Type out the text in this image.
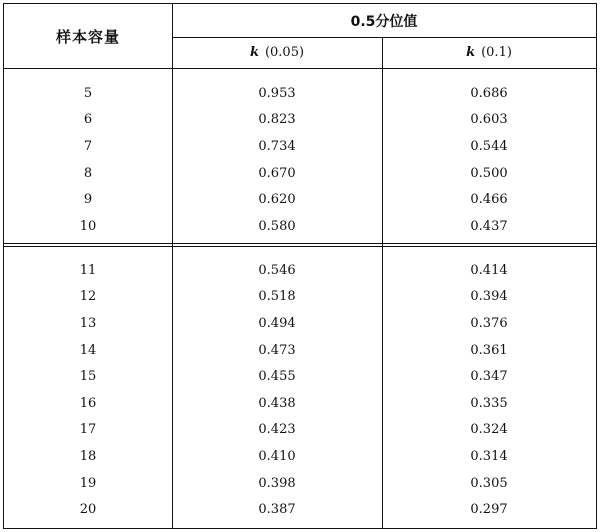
样本容量
0.5分位值
k (0.05)	k (0.1)
5	0.953	0.686
6	0.823	0.603
7	0.734	0.544
8	0.670	0.500
9	0.620	0.466
10	0.580	0.437
11	0.546	0.414
12	0.518	0.394
13	0.494	0.376
14	0.473	0.361
15	0.455	0.347
16	0.438	0.335
17	0.423	0.324
18	0.410	0.314
19	0.398	0.305
20	0.387	0.297
